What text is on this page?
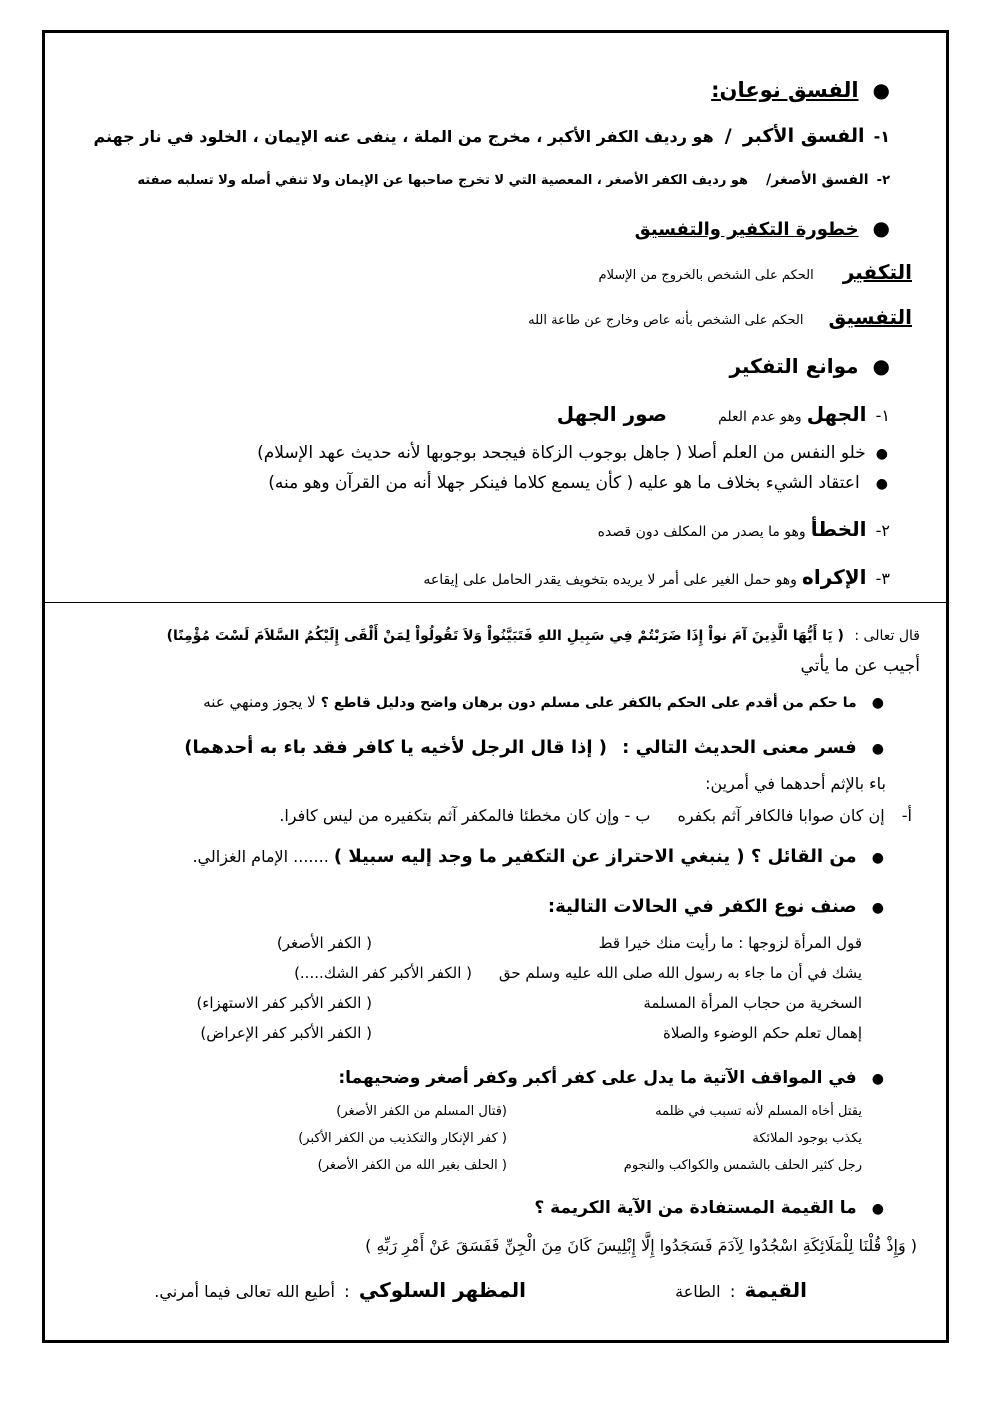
●الفسق نوعان:
١- الفسق الأكبر / هو رديف الكفر الأكبر ، مخرج من الملة ، ينفى عنه الإيمان ، الخلود في نار جهنم
٢- الفسق الأصغر/ هو رديف الكفر الأصغر ، المعصية التي لا تخرج صاحبها عن الإيمان ولا تنفي أصله ولا تسلبه صفته
●خطورة التكفير والتفسيق
التكفير الحكم على الشخص بالخروج من الإسلام
التفسيق الحكم على الشخص بأنه عاص وخارج عن طاعة الله
●موانع التفكير
١- الجهل وهو عدم العلم صور الجهل
●خلو النفس من العلم أصلا ( جاهل بوجوب الزكاة فيجحد بوجوبها لأنه حديث عهد الإسلام)
●اعتقاد الشيء بخلاف ما هو عليه ( كأن يسمع كلاما فينكر جهلا أنه من القرآن وهو منه)
٢- الخطأ وهو ما يصدر من المكلف دون قصده
٣- الإكراه وهو حمل الغير على أمر لا يريده بتخويف يقدر الحامل على إيقاعه
قال تعالى : ( يَا أَيُّهَا الَّذِينَ آمَ نواْ إِذَا ضَرَبْتُمْ فِي سَبِيلِ اللهِ فَتَبَيَّنُواْ وَلاَ تَقُولُواْ لِمَنْ أَلْقَى إِلَيْكُمُ السَّلاَمَ لَسْتَ مُؤْمِنًا)
أجيب عن ما يأتي
● ما حكم من أقدم على الحكم بالكفر على مسلم دون برهان واضح ودليل قاطع ؟ لا يجوز ومنهي عنه
● فسر معنى الحديث التالي : ( إذا قال الرجل لأخيه يا كافر فقد باء به أحدهما)
باء بالإثم أحدهما في أمرين:
أ- إن كان صوابا فالكافر آثم بكفره ب - وإن كان مخطئا فالمكفر آثم بتكفيره من ليس كافرا.
● من القائل ؟ ( ينبغي الاحتراز عن التكفير ما وجد إليه سبيلا ) ....... الإمام الغزالي.
● صنف نوع الكفر في الحالات التالية:
قول المرأة لزوجها : ما رأيت منك خيرا قط
( الكفر الأصغر)
يشك في أن ما جاء به رسول الله صلى الله عليه وسلم حق
( الكفر الأكبر كفر الشك.....)
السخرية من حجاب المرأة المسلمة
( الكفر الأكبر كفر الاستهزاء)
إهمال تعلم حكم الوضوء والصلاة
( الكفر الأكبر كفر الإعراض)
● في المواقف الآتية ما يدل على كفر أكبر وكفر أصغر وضحيهما:
يقتل أخاه المسلم لأنه تسبب في ظلمه
(قتال المسلم من الكفر الأصغر)
يكذب بوجود الملائكة
( كفر الإنكار والتكذيب من الكفر الأكبر)
رجل كثير الحلف بالشمس والكواكب والنجوم
( الحلف بغير الله من الكفر الأصغر)
● ما القيمة المستفادة من الآية الكريمة ؟
( وَإِذْ قُلْنَا لِلْمَلَائِكَةِ اسْجُدُوا لِآدَمَ فَسَجَدُوا إِلَّا إِبْلِيسَ كَانَ مِنَ الْجِنِّ فَفَسَقَ عَنْ أَمْرِ رَبِّهِ )
القيمة : الطاعة
المظهر السلوكي : أطيع الله تعالى فيما أمرني.
